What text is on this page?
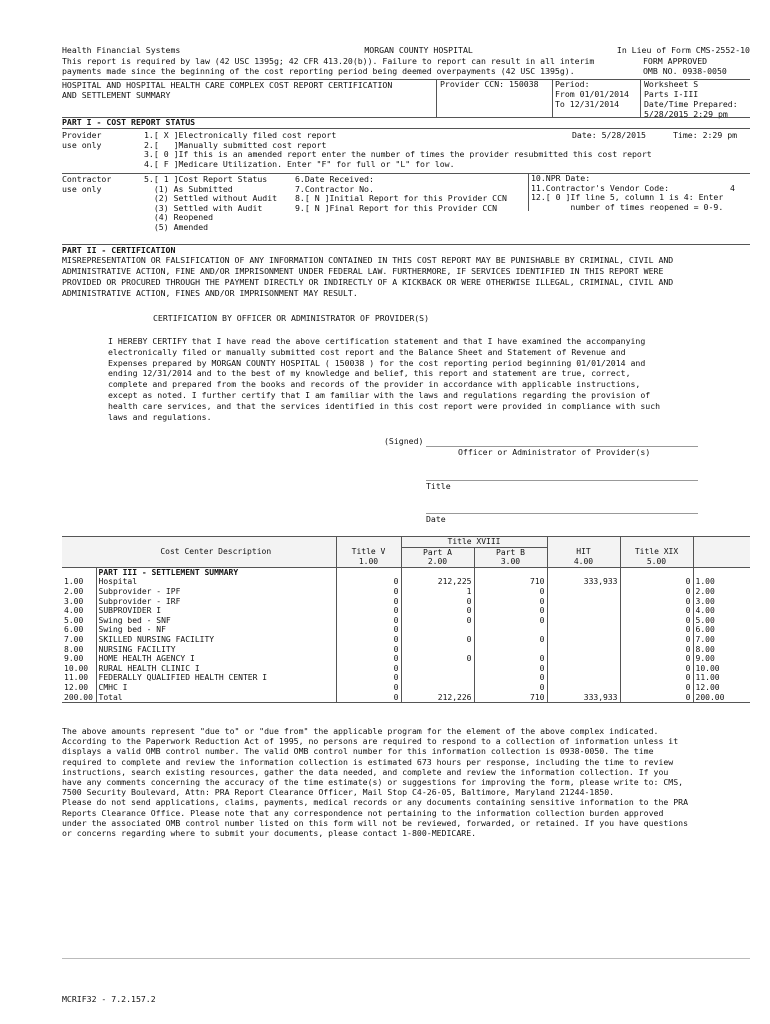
Health Financial Systems	MORGAN COUNTY HOSPITAL	In Lieu of Form CMS-2552-10
This report is required by law (42 USC 1395g; 42 CFR 413.20(b)). Failure to report can result in all interim
payments made since the beginning of the cost reporting period being deemed overpayments (42 USC 1395g).
FORM APPROVED
OMB NO. 0938-0050
HOSPITAL AND HOSPITAL HEALTH CARE COMPLEX COST REPORT CERTIFICATION
AND SETTLEMENT SUMMARY
Provider CCN: 150038 Period:
From 01/01/2014
To 12/31/2014
Worksheet S
Parts I-III
Date/Time Prepared:
5/28/2015 2:29 pm
PART I - COST REPORT STATUS
Provider
use only
1.[ X ]Electronically filed cost report
2.[   ]Manually submitted cost report
3.[ 0 ]If this is an amended report enter the number of times the provider resubmitted this cost report
4.[ F ]Medicare Utilization. Enter "F" for full or "L" for low.
Date: 5/28/2015	Time: 2:29 pm
Contractor
use only
5.[ 1 ]Cost Report Status
(1) As Submitted
(2) Settled without Audit
(3) Settled with Audit
(4) Reopened
(5) Amended
6.Date Received:
7.Contractor No.
8.[ N ]Initial Report for this Provider CCN
9.[ N ]Final Report for this Provider CCN
10.NPR Date:
11.Contractor's Vendor Code:
12.[ 0 ]If line 5, column 1 is 4: Enter
number of times reopened = 0-9.
4
PART II - CERTIFICATION
MISREPRESENTATION OR FALSIFICATION OF ANY INFORMATION CONTAINED IN THIS COST REPORT MAY BE PUNISHABLE BY CRIMINAL, CIVIL AND
ADMINISTRATIVE ACTION, FINE AND/OR IMPRISONMENT UNDER FEDERAL LAW. FURTHERMORE, IF SERVICES IDENTIFIED IN THIS REPORT WERE
PROVIDED OR PROCURED THROUGH THE PAYMENT DIRECTLY OR INDIRECTLY OF A KICKBACK OR WERE OTHERWISE ILLEGAL, CRIMINAL, CIVIL AND
ADMINISTRATIVE ACTION, FINES AND/OR IMPRISONMENT MAY RESULT.
CERTIFICATION BY OFFICER OR ADMINISTRATOR OF PROVIDER(S)
I HEREBY CERTIFY that I have read the above certification statement and that I have examined the accompanying
electronically filed or manually submitted cost report and the Balance Sheet and Statement of Revenue and
Expenses prepared by MORGAN COUNTY HOSPITAL ( 150038 ) for the cost reporting period beginning 01/01/2014 and
ending 12/31/2014 and to the best of my knowledge and belief, this report and statement are true, correct,
complete and prepared from the books and records of the provider in accordance with applicable instructions,
except as noted. I further certify that I am familiar with the laws and regulations regarding the provision of
health care services, and that the services identified in this cost report were provided in compliance with such
laws and regulations.
(Signed)
Officer or Administrator of Provider(s)
Title
Date
			Title XVIII				
	Cost Center Description	Title V	Part A	Part B	HIT	Title XIX	
		1.00	2.00	3.00	4.00	5.00	
	PART III - SETTLEMENT SUMMARY						
1.00	Hospital	0	212,225	710	333,933	0	1.00
2.00	Subprovider - IPF	0	1	0		0	2.00
3.00	Subprovider - IRF	0	0	0		0	3.00
4.00	SUBPROVIDER I	0	0	0		0	4.00
5.00	Swing bed - SNF	0	0	0		0	5.00
6.00	Swing bed - NF	0				0	6.00
7.00	SKILLED NURSING FACILITY	0	0	0		0	7.00
8.00	NURSING FACILITY	0				0	8.00
9.00	HOME HEALTH AGENCY I	0	0	0		0	9.00
10.00	RURAL HEALTH CLINIC I	0		0		0	10.00
11.00	FEDERALLY QUALIFIED HEALTH CENTER I	0		0		0	11.00
12.00	CMHC I	0		0		0	12.00
200.00	Total	0	212,226	710	333,933	0	200.00
The above amounts represent "due to" or "due from" the applicable program for the element of the above complex indicated.
According to the Paperwork Reduction Act of 1995, no persons are required to respond to a collection of information unless it
displays a valid OMB control number. The valid OMB control number for this information collection is 0938-0050. The time
required to complete and review the information collection is estimated 673 hours per response, including the time to review
instructions, search existing resources, gather the data needed, and complete and review the information collection. If you
have any comments concerning the accuracy of the time estimate(s) or suggestions for improving the form, please write to: CMS,
7500 Security Boulevard, Attn: PRA Report Clearance Officer, Mail Stop C4-26-05, Baltimore, Maryland 21244-1850.
Please do not send applications, claims, payments, medical records or any documents containing sensitive information to the PRA
Reports Clearance Office. Please note that any correspondence not pertaining to the information collection burden approved
under the associated OMB control number listed on this form will not be reviewed, forwarded, or retained. If you have questions
or concerns regarding where to submit your documents, please contact 1-800-MEDICARE.
MCRIF32 - 7.2.157.2
